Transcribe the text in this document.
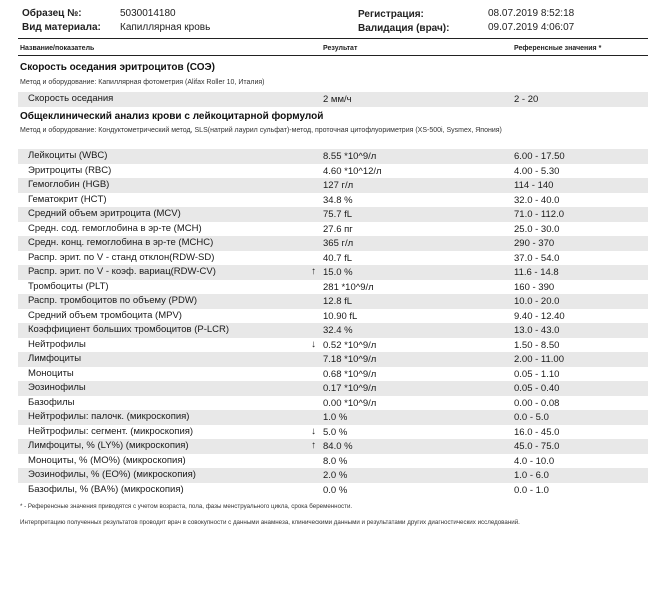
Образец №:	5030014180
Вид материала: Капиллярная кровь
Регистрация:	08.07.2019 8:52:18
Валидация (врач):	09.07.2019 4:06:07
Название/показатель	Результат	Референсные значения *
Скорость оседания эритроцитов (СОЭ)
Метод и оборудование: Капиллярная фотометрия (Alifax Roller 10, Италия)
Скорость оседания	2 мм/ч	2 - 20
Общеклинический анализ крови с лейкоцитарной формулой
Метод и оборудование: Кондуктометрический метод, SLS(натрий лаурил сульфат)-метод, проточная цитофлуориметрия (XS-500i, Sysmex, Япония)
Лейкоциты (WBC)	8.55 *10^9/л	6.00 - 17.50
Эритроциты (RBC)	4.60 *10^12/л	4.00 - 5.30
Гемоглобин (HGB)	127 г/л	114 - 140
Гематокрит (HCT)	34.8 %	32.0 - 40.0
Средний объем эритроцита (MCV)	75.7 fL	71.0 - 112.0
Средн. сод. гемоглобина в эр-те (MCH)	27.6 пг	25.0 - 30.0
Средн. конц. гемоглобина в эр-те (MCHC)	365 г/л	290 - 370
Распр. эрит. по V - станд отклон(RDW-SD)	40.7 fL	37.0 - 54.0
Распр. эрит. по V - коэф. вариац(RDW-CV)	↑ 15.0 %	11.6 - 14.8
Тромбоциты (PLT)	281 *10^9/л	160 - 390
Распр. тромбоцитов по объему (PDW)	12.8 fL	10.0 - 20.0
Средний объем тромбоцита (MPV)	10.90 fL	9.40 - 12.40
Коэффициент больших тромбоцитов (P-LCR)	32.4 %	13.0 - 43.0
Нейтрофилы	↓ 0.52 *10^9/л	1.50 - 8.50
Лимфоциты	7.18 *10^9/л	2.00 - 11.00
Моноциты	0.68 *10^9/л	0.05 - 1.10
Эозинофилы	0.17 *10^9/л	0.05 - 0.40
Базофилы	0.00 *10^9/л	0.00 - 0.08
Нейтрофилы: палочк. (микроскопия)	1.0 %	0.0 - 5.0
Нейтрофилы: сегмент. (микроскопия)	↓ 5.0 %	16.0 - 45.0
Лимфоциты, % (LY%) (микроскопия)	↑ 84.0 %	45.0 - 75.0
Моноциты, % (MO%) (микроскопия)	8.0 %	4.0 - 10.0
Эозинофилы, % (EO%) (микроскопия)	2.0 %	1.0 - 6.0
Базофилы, % (BA%) (микроскопия)	0.0 %	0.0 - 1.0
* - Референсные значения приводятся с учетом возраста, пола, фазы менструального цикла, срока беременности.
Интерпретацию полученных результатов проводит врач в совокупности с данными анамнеза, клиническими данными и результатами других диагностических исследований.
